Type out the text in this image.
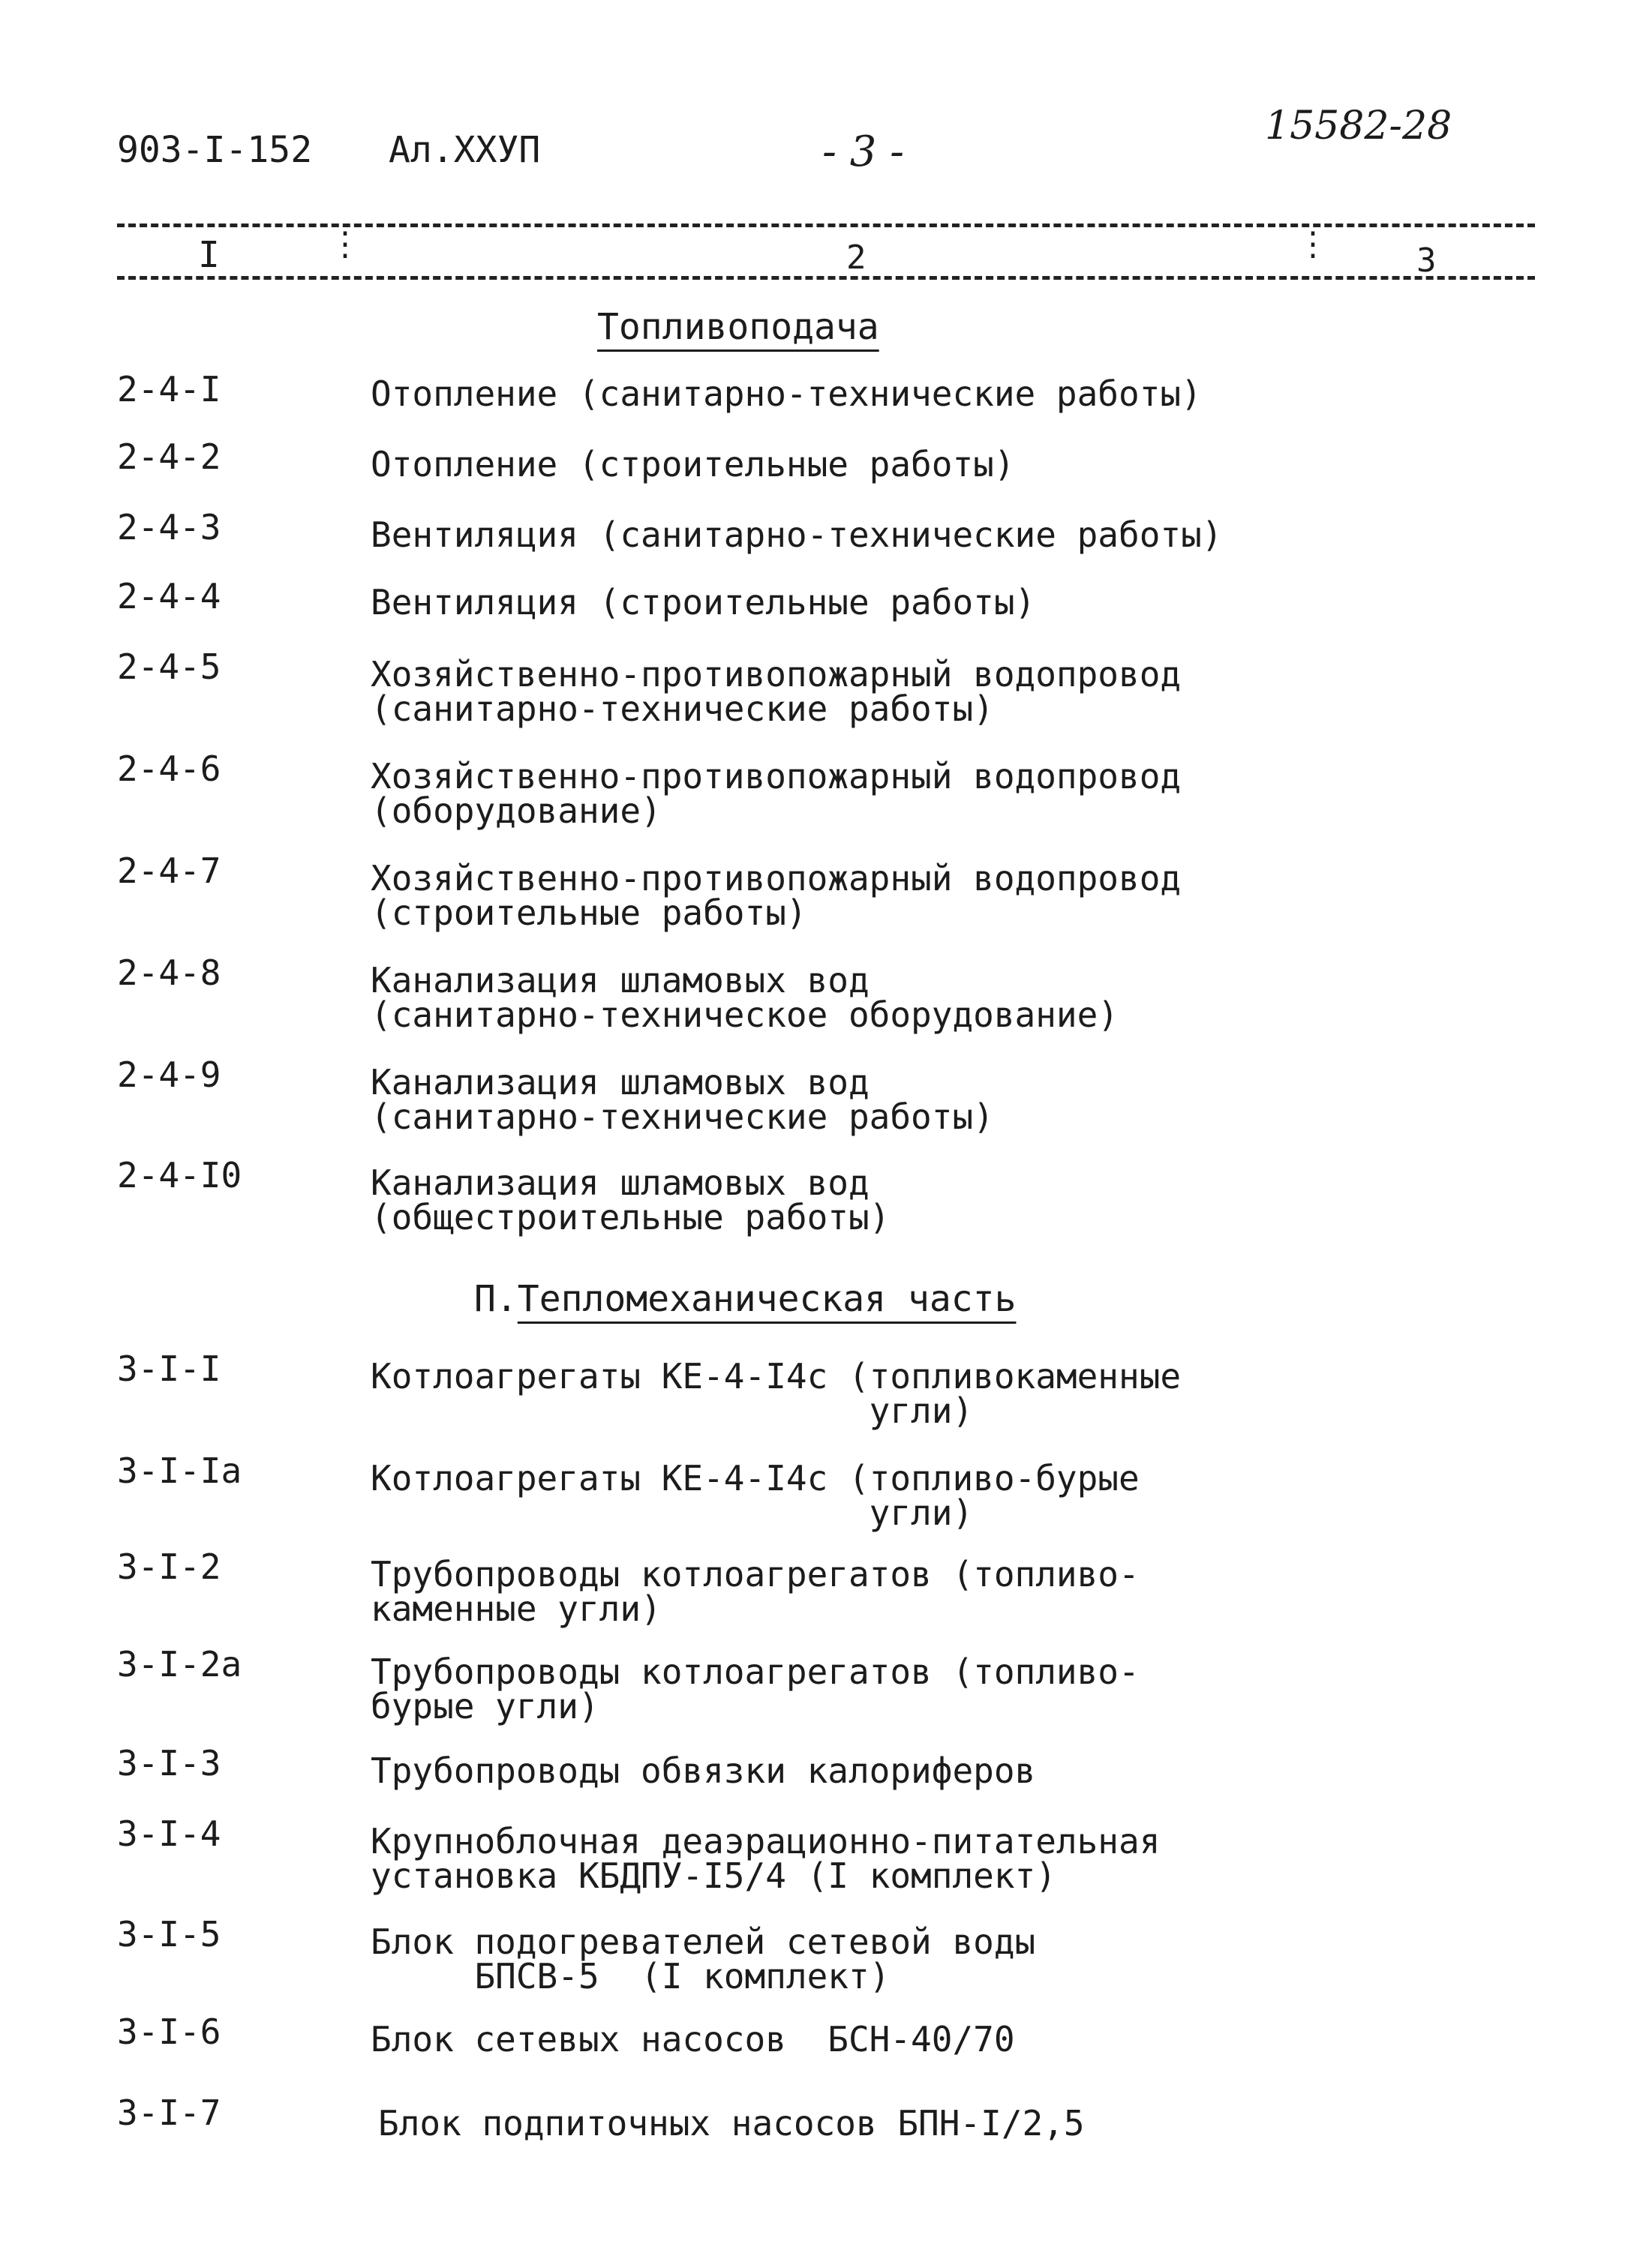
903-I-152 Ал.ХХУП	- 3 -
15582-28
I	⋮	2	⋮	3
Топливоподача
2-4-I	Отопление (санитарно-технические работы)
2-4-2	Отопление (строительные работы)
2-4-3	Вентиляция (санитарно-технические работы)
2-4-4	Вентиляция (строительные работы)
2-4-5	Хозяйственно-противопожарный водопровод
(санитарно-технические работы)
2-4-6	Хозяйственно-противопожарный водопровод
(оборудование)
2-4-7	Хозяйственно-противопожарный водопровод
(строительные работы)
2-4-8	Канализация шламовых вод
(санитарно-техническое оборудование)
2-4-9	Канализация шламовых вод
(санитарно-технические работы)
2-4-I0	Канализация шламовых вод
(общестроительные работы)
П.Тепломеханическая часть
3-I-I	Котлоагрегаты КЕ-4-I4с (топливокаменные
угли)
3-I-Iа	Котлоагрегаты КЕ-4-I4с (топливо-бурые
угли)
3-I-2	Трубопроводы котлоагрегатов (топливо-
каменные угли)
3-I-2а	Трубопроводы котлоагрегатов (топливо-
бурые угли)
3-I-3	Трубопроводы обвязки калориферов
3-I-4	Крупноблочная деаэрационно-питательная
установка КБДПУ-I5/4 (I комплект)
3-I-5	Блок подогревателей сетевой воды
БПСВ-5  (I комплект)
3-I-6	Блок сетевых насосов  БСН-40/70
3-I-7	Блок подпиточных насосов БПН-I/2,5
